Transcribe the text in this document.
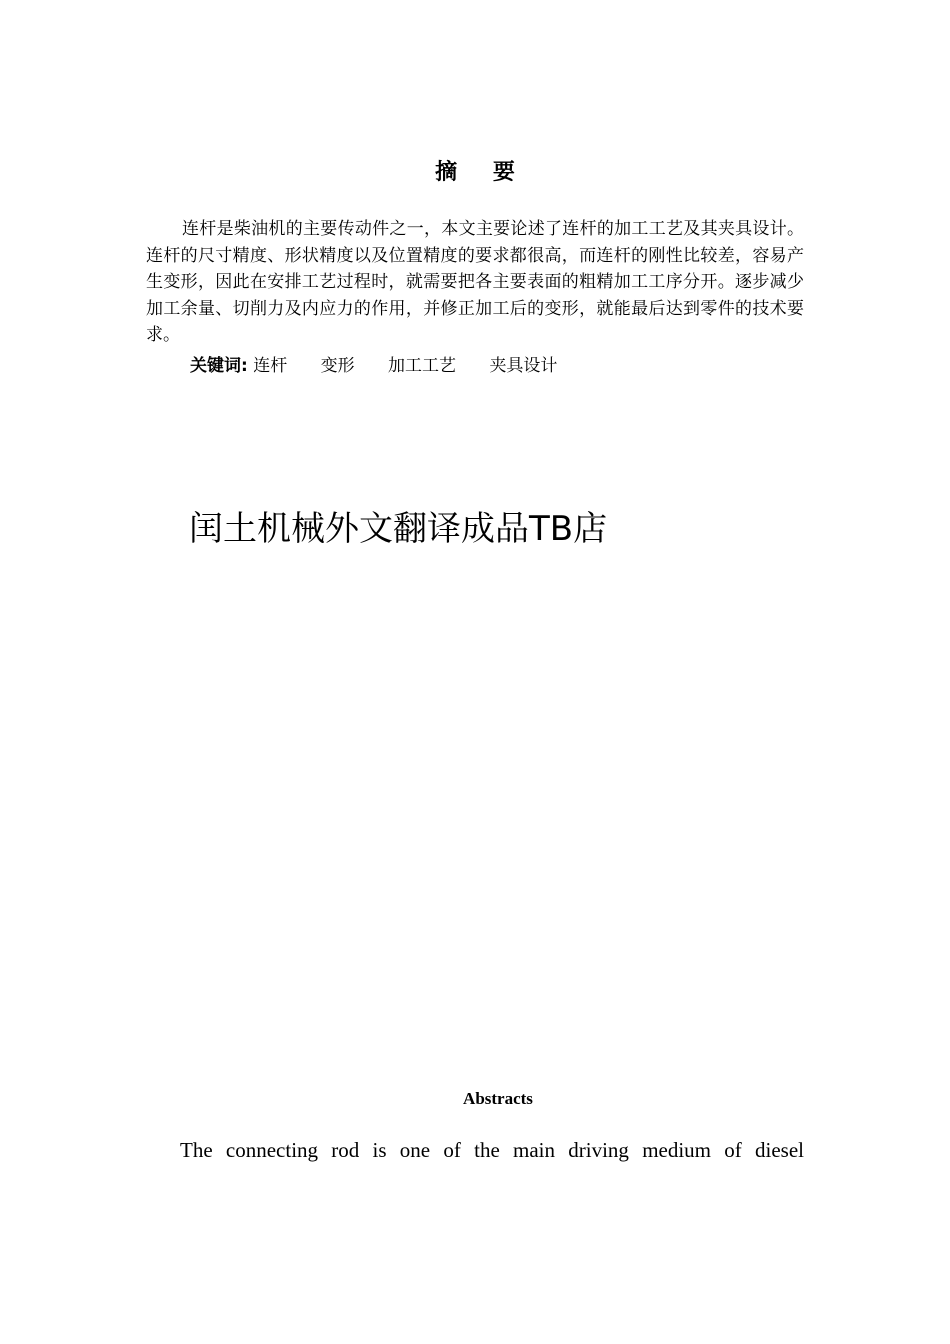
摘 要

连杆是柴油机的主要传动件之一，本文主要论述了连杆的加工工艺及其夹具设计。连杆的尺寸精度、形状精度以及位置精度的要求都很高，而连杆的刚性比较差，容易产生变形，因此在安排工艺过程时，就需要把各主要表面的粗精加工工序分开。逐步减少加工余量、切削力及内应力的作用，并修正加工后的变形，就能最后达到零件的技术要求。

关键词: 连杆 变形 加工工艺 夹具设计
闰土机械外文翻译成品TB店
Abstracts

The connecting rod is one of the main driving medium of diesel
